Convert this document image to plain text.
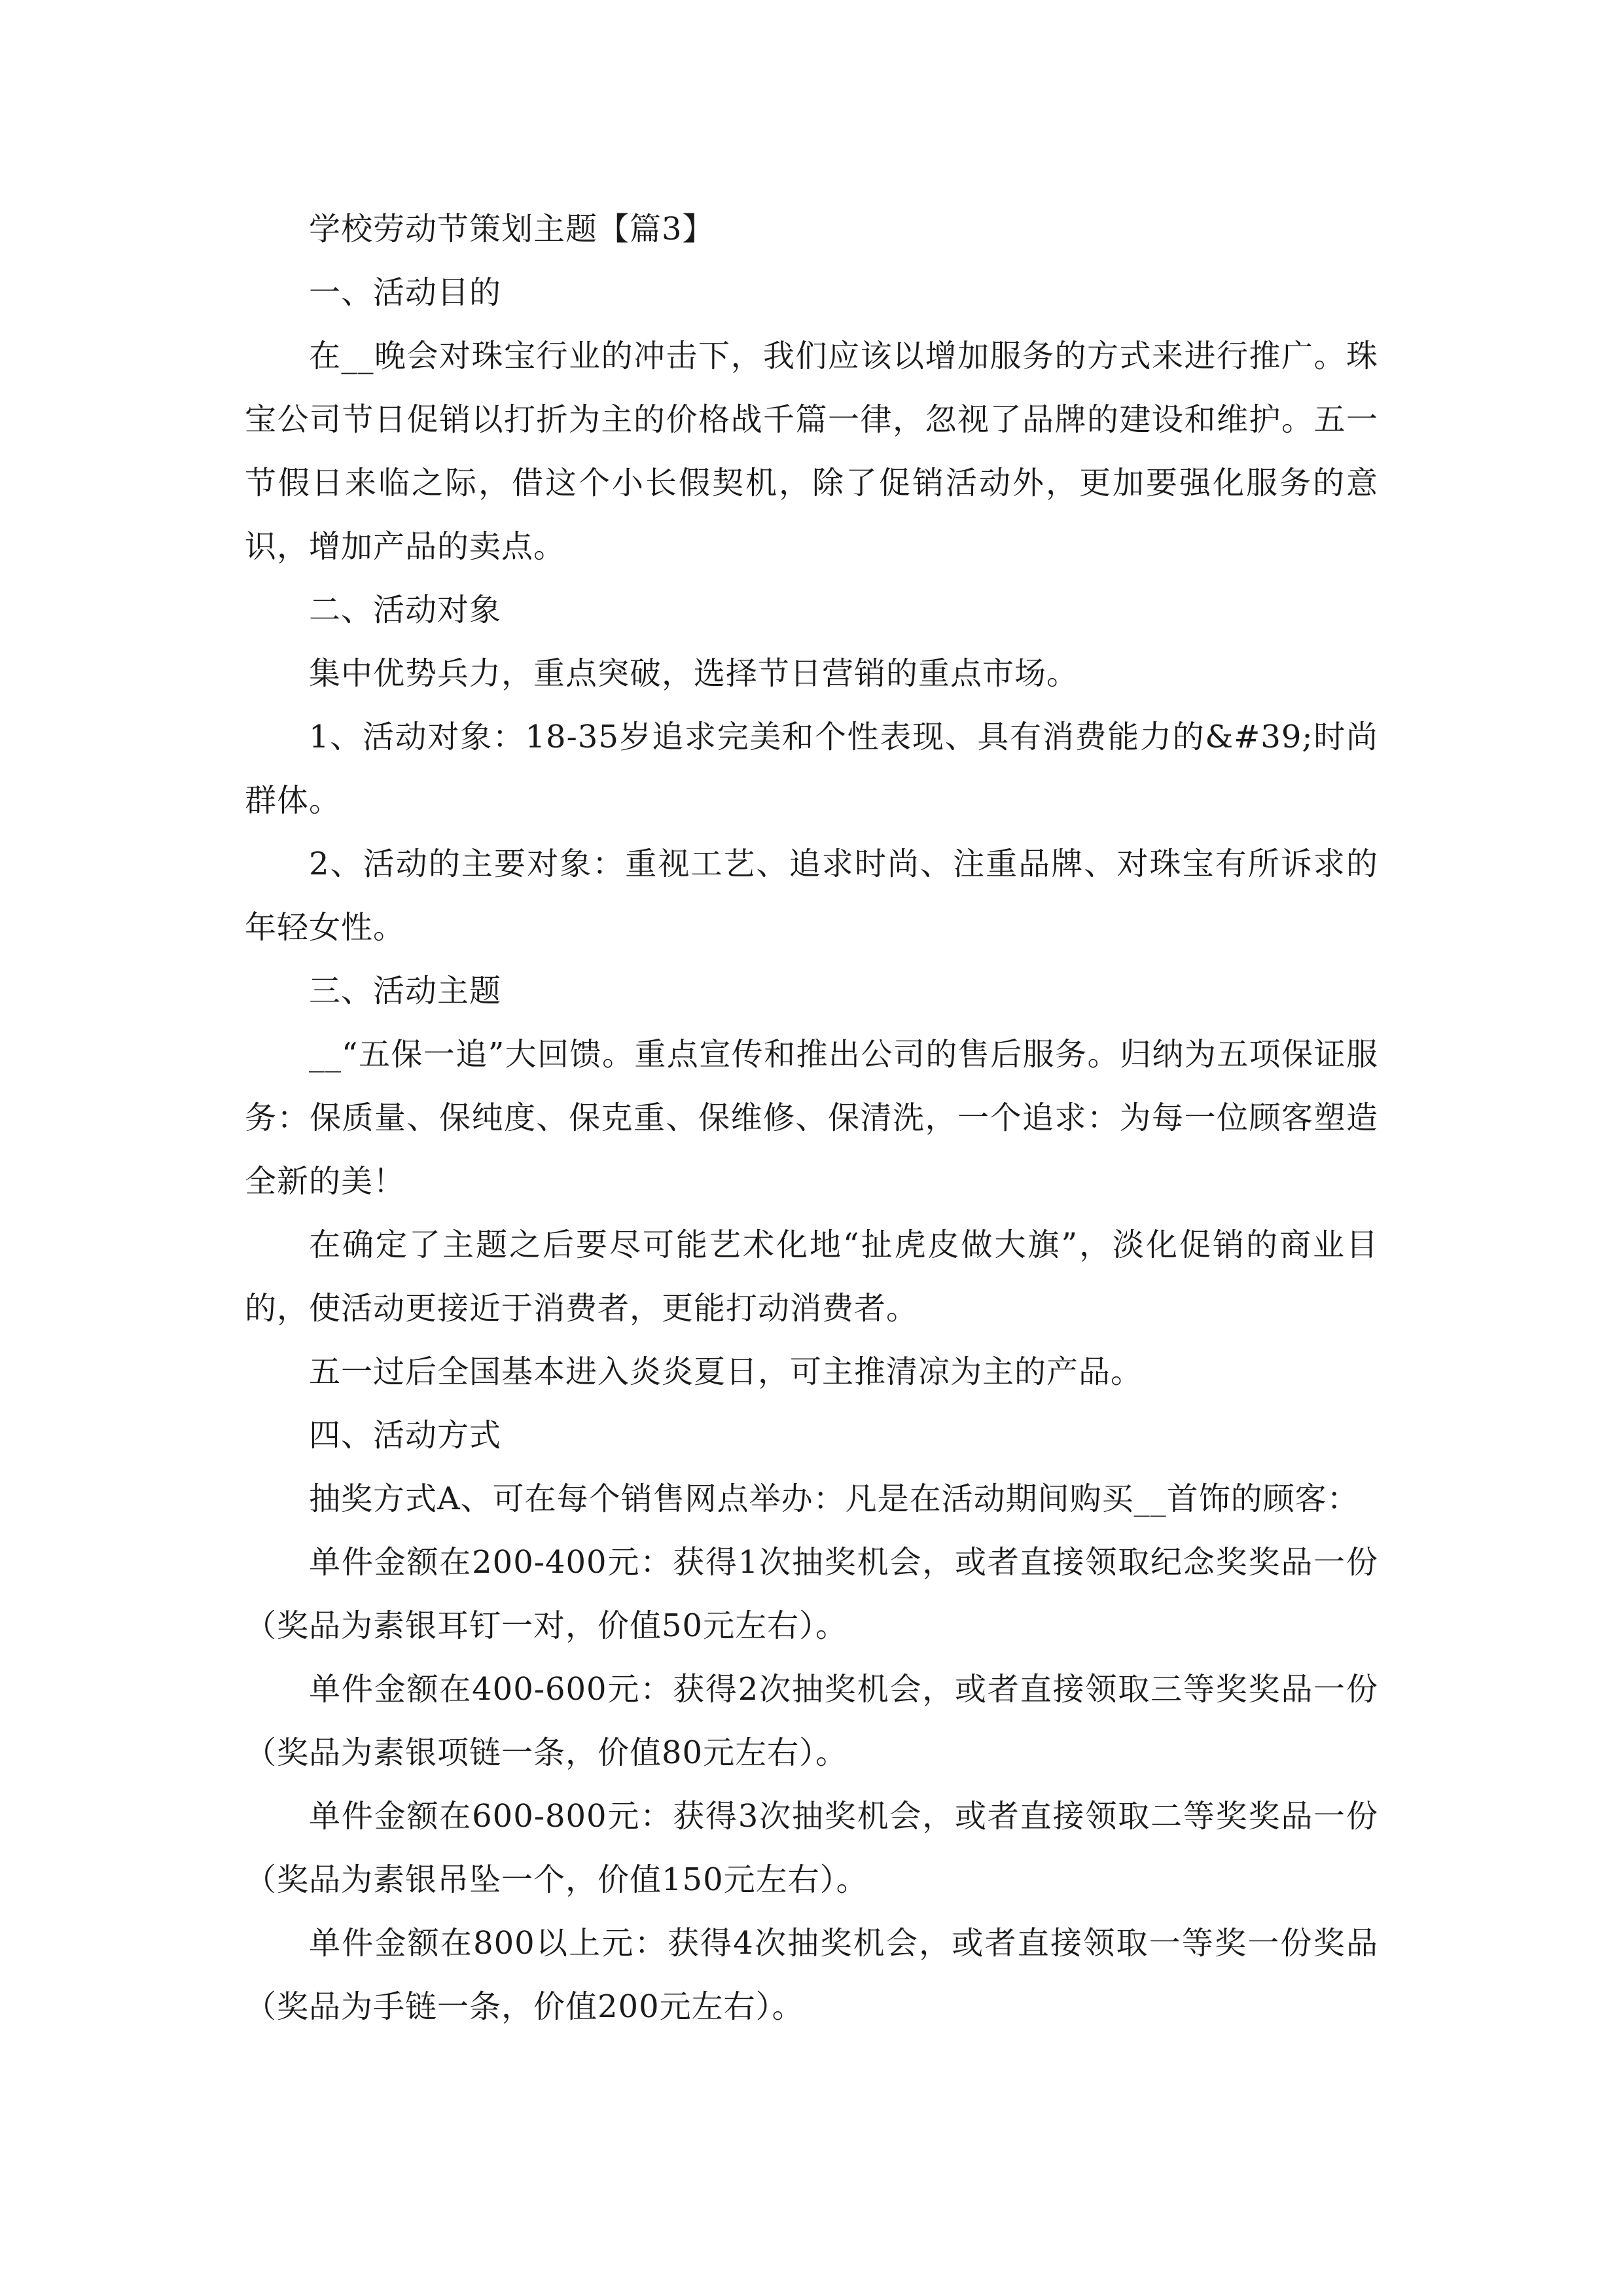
学校劳动节策划主题【篇3】

一、活动目的

在__晚会对珠宝行业的冲击下，我们应该以增加服务的方式来进行推广。珠宝公司节日促销以打折为主的价格战千篇一律，忽视了品牌的建设和维护。五一节假日来临之际，借这个小长假契机，除了促销活动外，更加要强化服务的意识，增加产品的卖点。

二、活动对象

集中优势兵力，重点突破，选择节日营销的重点市场。

1、活动对象：18-35岁追求完美和个性表现、具有消费能力的&#39;时尚群体。

2、活动的主要对象：重视工艺、追求时尚、注重品牌、对珠宝有所诉求的年轻女性。

三、活动主题

__“五保一追”大回馈。重点宣传和推出公司的售后服务。归纳为五项保证服务：保质量、保纯度、保克重、保维修、保清洗，一个追求：为每一位顾客塑造全新的美！

在确定了主题之后要尽可能艺术化地“扯虎皮做大旗”，淡化促销的商业目的，使活动更接近于消费者，更能打动消费者。

五一过后全国基本进入炎炎夏日，可主推清凉为主的产品。

四、活动方式

抽奖方式A、可在每个销售网点举办：凡是在活动期间购买__首饰的顾客：

单件金额在200-400元：获得1次抽奖机会，或者直接领取纪念奖奖品一份（奖品为素银耳钉一对，价值50元左右）。

单件金额在400-600元：获得2次抽奖机会，或者直接领取三等奖奖品一份（奖品为素银项链一条，价值80元左右）。

单件金额在600-800元：获得3次抽奖机会，或者直接领取二等奖奖品一份（奖品为素银吊坠一个，价值150元左右）。

单件金额在800以上元：获得4次抽奖机会，或者直接领取一等奖一份奖品（奖品为手链一条，价值200元左右）。
